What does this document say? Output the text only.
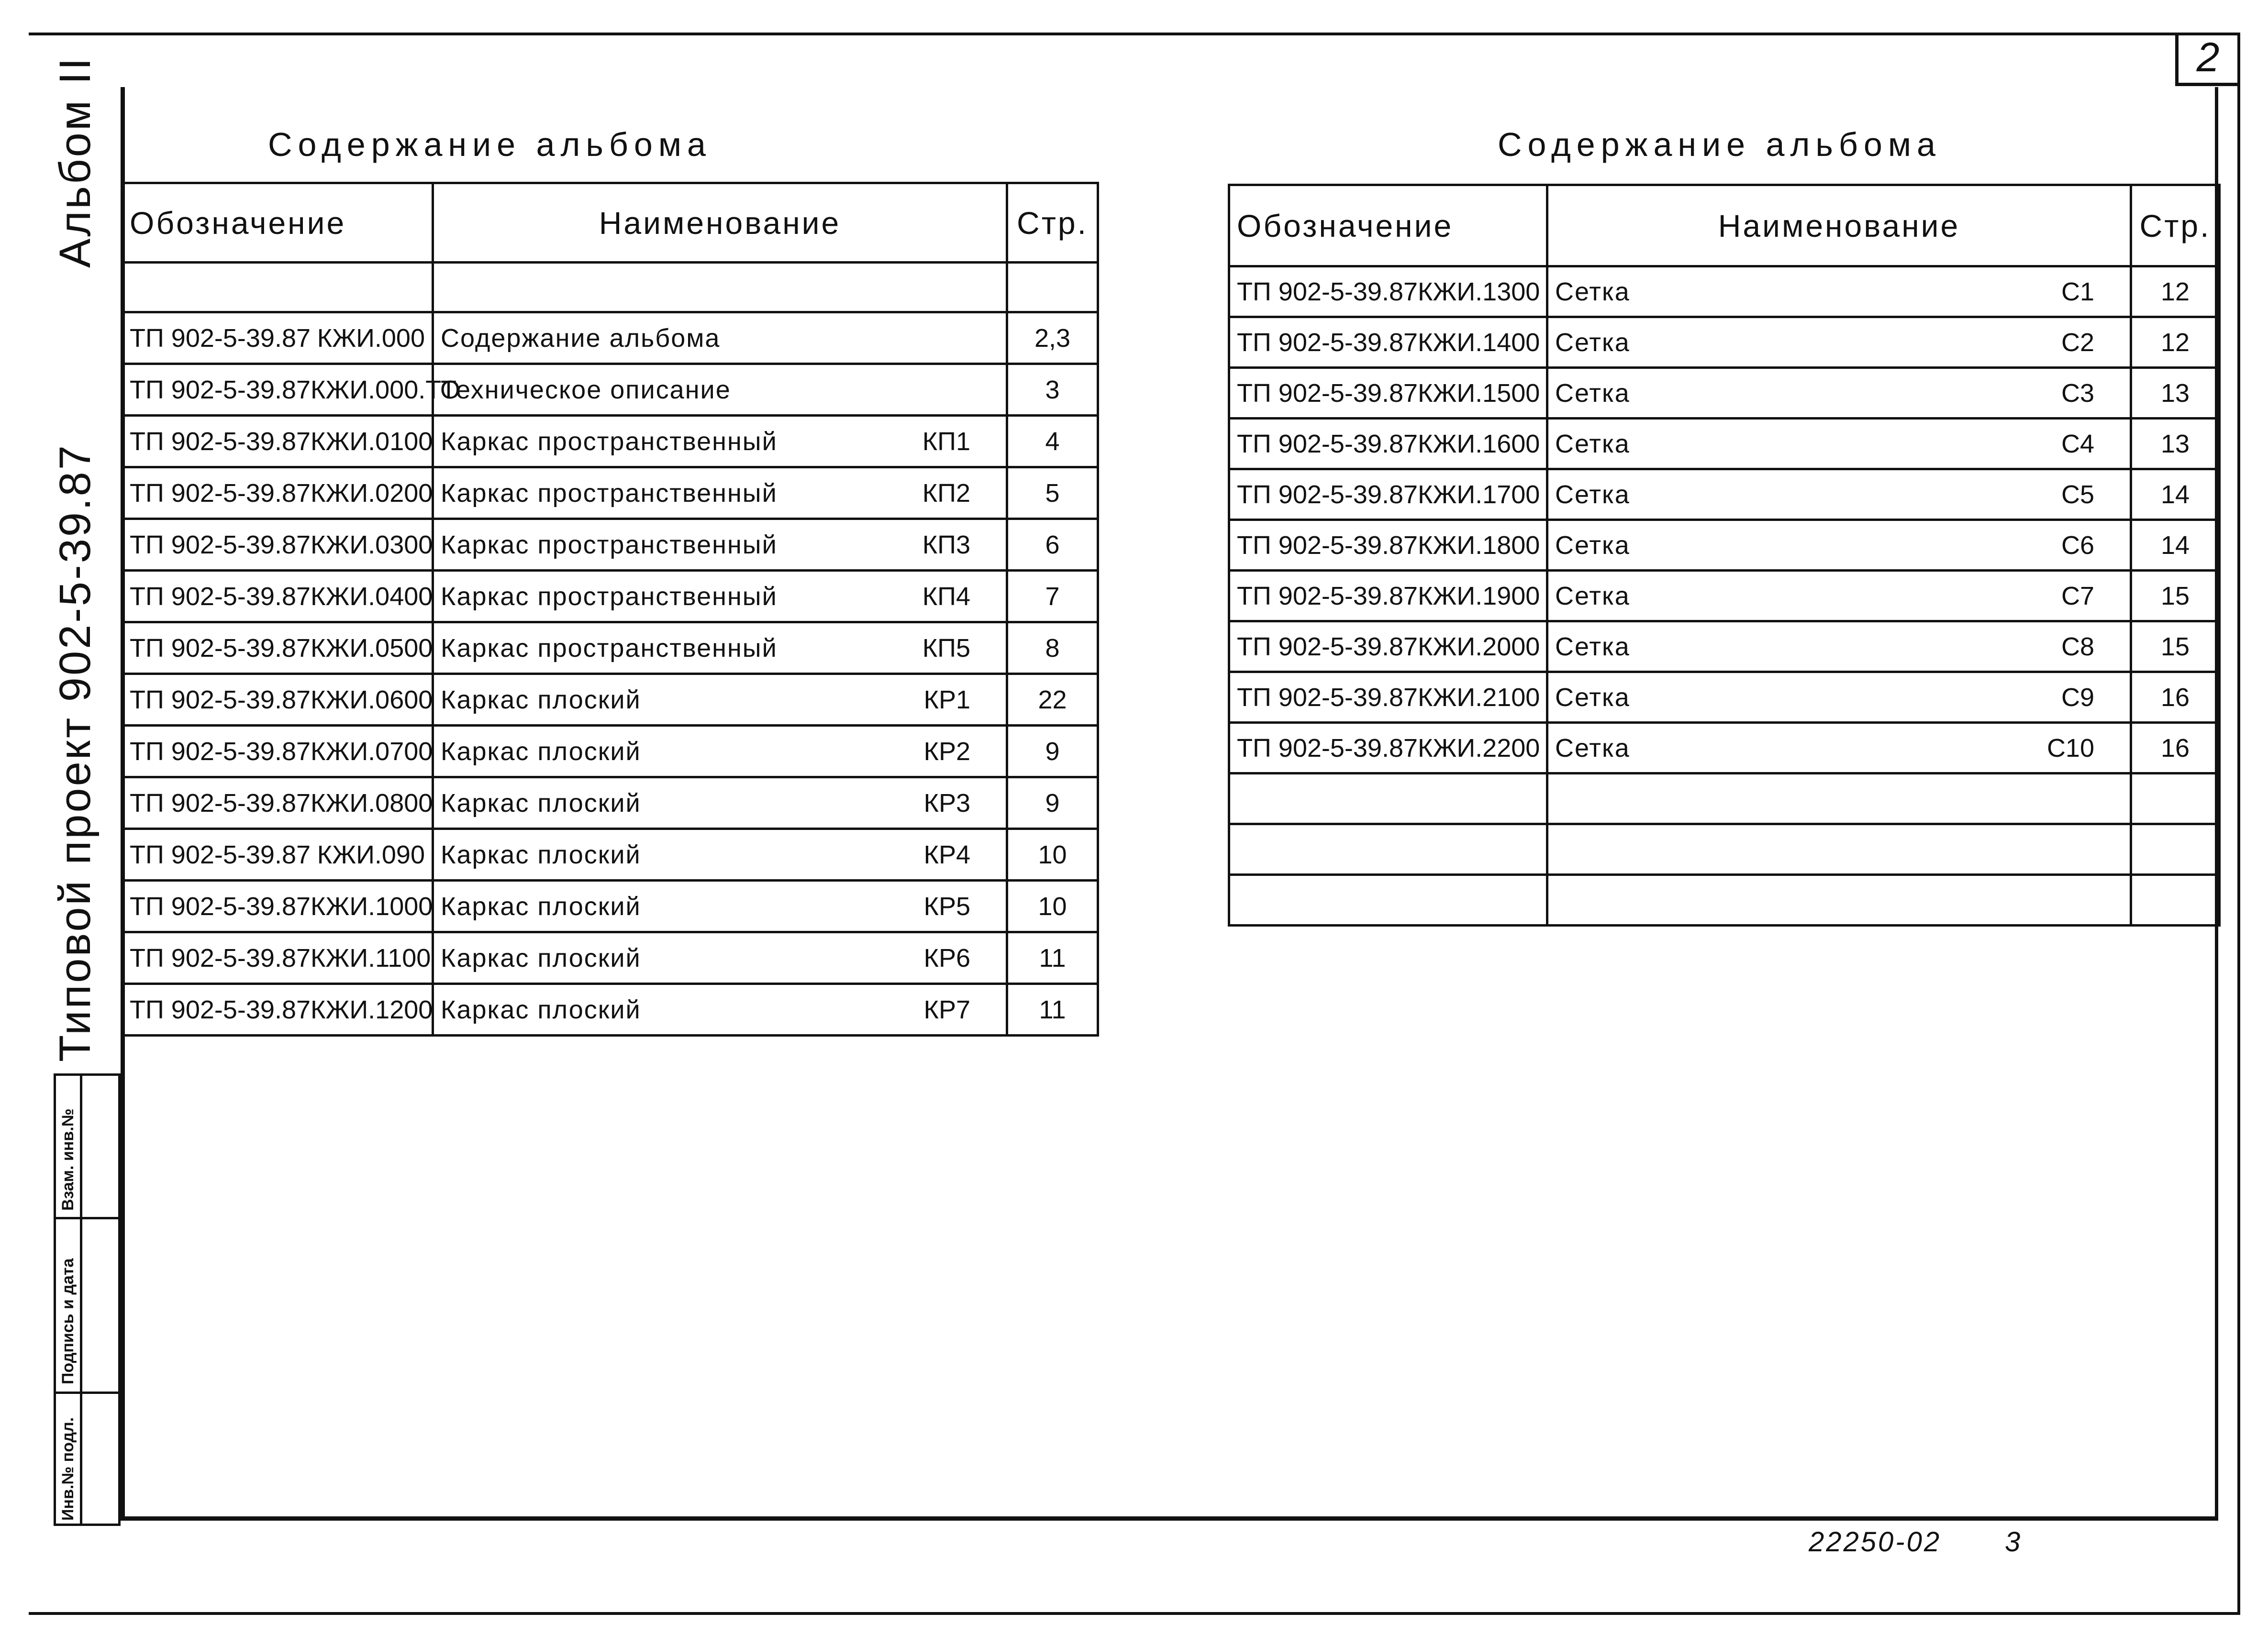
2
Типовой проект 902-5-39.87
Альбом II
Инв.№ подл.
Подпись и дата
Взам. инв.№
Содержание альбома
Обозначение	Наименование	Стр.

ТП 902-5-39.87 КЖИ.000	Содержание альбома	2,3

ТП 902-5-39.87 КЖИ.000.ТО	Техническое описание	3

ТП 902-5-39.87 КЖИ.0100	Каркас пространственный КП1	4

ТП 902-5-39.87 КЖИ.0200	Каркас пространственный КП2	5

ТП 902-5-39.87 КЖИ.0300	Каркас пространственный КП3	6

ТП 902-5-39.87 КЖИ.0400	Каркас пространственный КП4	7

ТП 902-5-39.87 КЖИ.0500	Каркас пространственный КП5	8

ТП 902-5-39.87 КЖИ.0600	Каркас плоский КР1	22

ТП 902-5-39.87 КЖИ.0700	Каркас плоский КР2	9

ТП 902-5-39.87 КЖИ.0800	Каркас плоский КР3	9

ТП 902-5-39.87 КЖИ.090	Каркас плоский КР4	10

ТП 902-5-39.87 КЖИ.1000	Каркас плоский КР5	10

ТП 902-5-39.87 КЖИ.1100	Каркас плоский КР6	11

ТП 902-5-39.87 КЖИ.1200	Каркас плоский КР7	11
Содержание альбома
Обозначение	Наименование	Стр.

ТП 902-5-39.87 КЖИ.1300	Сетка С1	12

ТП 902-5-39.87 КЖИ.1400	Сетка С2	12

ТП 902-5-39.87 КЖИ.1500	Сетка С3	13

ТП 902-5-39.87 КЖИ.1600	Сетка С4	13

ТП 902-5-39.87 КЖИ.1700	Сетка С5	14

ТП 902-5-39.87 КЖИ.1800	Сетка С6	14

ТП 902-5-39.87 КЖИ.1900	Сетка С7	15

ТП 902-5-39.87 КЖИ.2000	Сетка С8	15

ТП 902-5-39.87 КЖИ.2100	Сетка С9	16

ТП 902-5-39.87 КЖИ.2200	Сетка С10	16

22250-02 3
